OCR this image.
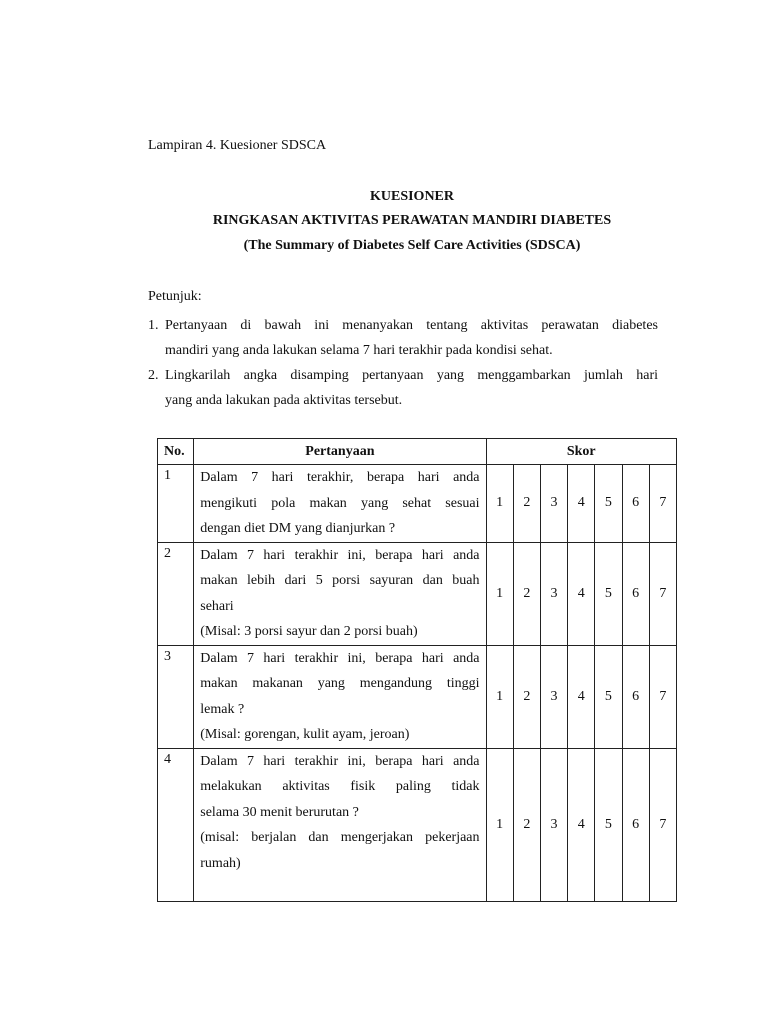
Lampiran 4. Kuesioner SDSCA
KUESIONER
RINGKASAN AKTIVITAS PERAWATAN MANDIRI DIABETES
(The Summary of Diabetes Self Care Activities (SDSCA)
Petunjuk:
1. Pertanyaan di bawah ini menanyakan tentang aktivitas perawatan diabetes
mandiri yang anda lakukan selama 7 hari terakhir pada kondisi sehat.
2. Lingkarilah angka disamping pertanyaan yang menggambarkan jumlah hari
yang anda lakukan pada aktivitas tersebut.
No.	Pertanyaan	Skor						
1	Dalam 7 hari terakhir, berapa hari anda
mengikuti pola makan yang sehat sesuai
dengan diet DM yang dianjurkan ?	1	2	3	4	5	6	7
2	Dalam 7 hari terakhir ini, berapa hari anda
makan lebih dari 5 porsi sayuran dan buah
sehari
(Misal: 3 porsi sayur dan 2 porsi buah)	1	2	3	4	5	6	7
3	Dalam 7 hari terakhir ini, berapa hari anda
makan makanan yang mengandung tinggi
lemak ?
(Misal: gorengan, kulit ayam, jeroan)	1	2	3	4	5	6	7
4	Dalam 7 hari terakhir ini, berapa hari anda
melakukan aktivitas fisik paling tidak
selama 30 menit berurutan ?
(misal: berjalan dan mengerjakan pekerjaan
rumah)	1	2	3	4	5	6	7
